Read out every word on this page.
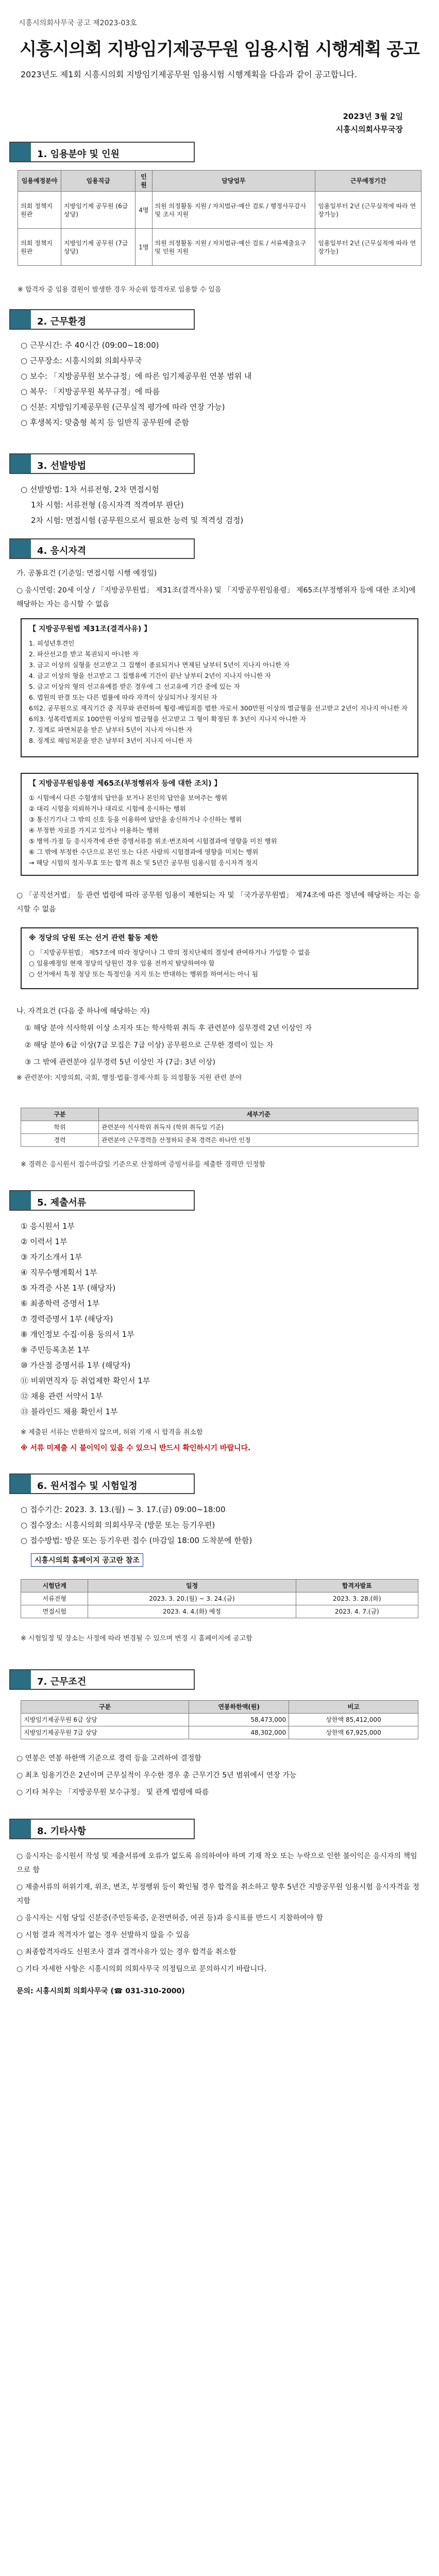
시흥시의회사무국 공고 제2023-03호
시흥시의회 지방임기제공무원 임용시험 시행계획 공고
2023년도 제1회 시흥시의회 지방임기제공무원 임용시험 시행계획을 다음과 같이 공고합니다.
2023년 3월 2일
시흥시의회사무국장
1. 임용분야 및 인원
임용예정분야	임용직급	인원	담당업무	근무예정기간
의회 정책지원관	지방임기제 공무원 (6급 상당)	4명	의원 의정활동 지원 / 자치법규·예산 검토 / 행정사무감사 및 조사 지원	임용일부터 2년 (근무실적에 따라 연장가능)
의회 정책지원관	지방임기제 공무원 (7급 상당)	1명	의원 의정활동 지원 / 자치법규·예산 검토 / 서류제출요구 및 민원 지원	임용일부터 2년 (근무실적에 따라 연장가능)
※ 합격자 중 임용 결원이 발생한 경우 차순위 합격자로 임용할 수 있음
2. 근무환경
○ 근무시간: 주 40시간 (09:00~18:00)
○ 근무장소: 시흥시의회 의회사무국
○ 보수: 「지방공무원 보수규정」에 따른 임기제공무원 연봉 범위 내
○ 복무: 「지방공무원 복무규정」에 따름
○ 신분: 지방임기제공무원 (근무실적 평가에 따라 연장 가능)
○ 후생복지: 맞춤형 복지 등 일반직 공무원에 준함
3. 선발방법
○ 선발방법: 1차 서류전형, 2차 면접시험
1차 시험: 서류전형 (응시자격 적격여부 판단)
2차 시험: 면접시험 (공무원으로서 필요한 능력 및 적격성 검정)
4. 응시자격

가. 공통요건 (기준일: 면접시험 시행 예정일)

○ 응시연령: 20세 이상 / 「지방공무원법」 제31조(결격사유) 및 「지방공무원임용령」 제65조(부정행위자 등에 대한 조치)에 해당하는 자는 응시할 수 없음

【 지방공무원법 제31조(결격사유) 】
1. 피성년후견인
2. 파산선고를 받고 복권되지 아니한 자
3. 금고 이상의 실형을 선고받고 그 집행이 종료되거나 면제된 날부터 5년이 지나지 아니한 자
4. 금고 이상의 형을 선고받고 그 집행유예 기간이 끝난 날부터 2년이 지나지 아니한 자
5. 금고 이상의 형의 선고유예를 받은 경우에 그 선고유예 기간 중에 있는 자
6. 법원의 판결 또는 다른 법률에 따라 자격이 상실되거나 정지된 자
6의2. 공무원으로 재직기간 중 직무와 관련하여 횡령·배임죄를 범한 자로서 300만원 이상의 벌금형을 선고받고 2년이 지나지 아니한 자
6의3. 성폭력범죄로 100만원 이상의 벌금형을 선고받고 그 형이 확정된 후 3년이 지나지 아니한 자
7. 징계로 파면처분을 받은 날부터 5년이 지나지 아니한 자
8. 징계로 해임처분을 받은 날부터 3년이 지나지 아니한 자
【 지방공무원임용령 제65조(부정행위자 등에 대한 조치) 】
① 시험에서 다른 수험생의 답안을 보거나 본인의 답안을 보여주는 행위
② 대리 시험을 의뢰하거나 대리로 시험에 응시하는 행위
③ 통신기기나 그 밖의 신호 등을 이용하여 답안을 송신하거나 수신하는 행위
④ 부정한 자료를 가지고 있거나 이용하는 행위
⑤ 병역·가점 등 응시자격에 관한 증명서류를 위조·변조하여 시험결과에 영향을 미친 행위
⑥ 그 밖에 부정한 수단으로 본인 또는 다른 사람의 시험결과에 영향을 미치는 행위
→ 해당 시험의 정지·무효 또는 합격 취소 및 5년간 공무원 임용시험 응시자격 정지

○ 「공직선거법」 등 관련 법령에 따라 공무원 임용이 제한되는 자 및 「국가공무원법」 제74조에 따른 정년에 해당하는 자는 응시할 수 없음

※ 정당의 당원 또는 선거 관련 활동 제한
○ 「지방공무원법」 제57조에 따라 정당이나 그 밖의 정치단체의 결성에 관여하거나 가입할 수 없음
○ 임용예정일 현재 정당의 당원인 경우 임용 전까지 탈당하여야 함
○ 선거에서 특정 정당 또는 특정인을 지지 또는 반대하는 행위를 하여서는 아니 됨

나. 자격요건 (다음 중 하나에 해당하는 자)

① 해당 분야 석사학위 이상 소지자 또는 학사학위 취득 후 관련분야 실무경력 2년 이상인 자

② 해당 분야 6급 이상(7급 모집은 7급 이상) 공무원으로 근무한 경력이 있는 자

③ 그 밖에 관련분야 실무경력 5년 이상인 자 (7급: 3년 이상)

※ 관련분야: 지방의회, 국회, 행정·법률·경제·사회 등 의정활동 지원 관련 분야

구분	세부기준
학위	관련분야 석사학위 취득자 (학위 취득일 기준)
경력	관련분야 근무경력을 산정하되 중복 경력은 하나만 인정
※ 경력은 응시원서 접수마감일 기준으로 산정하며 증빙서류를 제출한 경력만 인정함
5. 제출서류
① 응시원서 1부
② 이력서 1부
③ 자기소개서 1부
④ 직무수행계획서 1부
⑤ 자격증 사본 1부 (해당자)
⑥ 최종학력 증명서 1부
⑦ 경력증명서 1부 (해당자)
⑧ 개인정보 수집·이용 동의서 1부
⑨ 주민등록초본 1부
⑩ 가산점 증명서류 1부 (해당자)
⑪ 비위면직자 등 취업제한 확인서 1부
⑫ 채용 관련 서약서 1부
⑬ 블라인드 채용 확인서 1부
※ 제출된 서류는 반환하지 않으며, 허위 기재 시 합격을 취소함
※ 서류 미제출 시 불이익이 있을 수 있으니 반드시 확인하시기 바랍니다.
6. 원서접수 및 시험일정
○ 접수기간: 2023. 3. 13.(월) ~ 3. 17.(금) 09:00~18:00
○ 접수장소: 시흥시의회 의회사무국 (방문 또는 등기우편)
○ 접수방법: 방문 또는 등기우편 접수 (마감일 18:00 도착분에 한함)
시흥시의회 홈페이지 공고란 참조
시험단계	일정	합격자발표
서류전형	2023. 3. 20.(월) ~ 3. 24.(금)	2023. 3. 28.(화)
면접시험	2023. 4. 4.(화) 예정	2023. 4. 7.(금)
※ 시험일정 및 장소는 사정에 따라 변경될 수 있으며 변경 시 홈페이지에 공고함
7. 근무조건
구분	연봉하한액(원)	비고
지방임기제공무원 6급 상당	58,473,000	상한액 85,412,000
지방임기제공무원 7급 상당	48,302,000	상한액 67,925,000

○ 연봉은 연봉 하한액 기준으로 경력 등을 고려하여 결정함

○ 최초 임용기간은 2년이며 근무실적이 우수한 경우 총 근무기간 5년 범위에서 연장 가능

○ 기타 처우는 「지방공무원 보수규정」 및 관계 법령에 따름

8. 기타사항

○ 응시자는 응시원서 작성 및 제출서류에 오류가 없도록 유의하여야 하며 기재 착오 또는 누락으로 인한 불이익은 응시자의 책임으로 함

○ 제출서류의 허위기재, 위조, 변조, 부정행위 등이 확인될 경우 합격을 취소하고 향후 5년간 지방공무원 임용시험 응시자격을 정지함

○ 응시자는 시험 당일 신분증(주민등록증, 운전면허증, 여권 등)과 응시표를 반드시 지참하여야 함

○ 시험 결과 적격자가 없는 경우 선발하지 않을 수 있음

○ 최종합격자라도 신원조사 결과 결격사유가 있는 경우 합격을 취소함

○ 기타 자세한 사항은 시흥시의회 의회사무국 의정팀으로 문의하시기 바랍니다.

문의: 시흥시의회 의회사무국 (☎ 031-310-2000)
